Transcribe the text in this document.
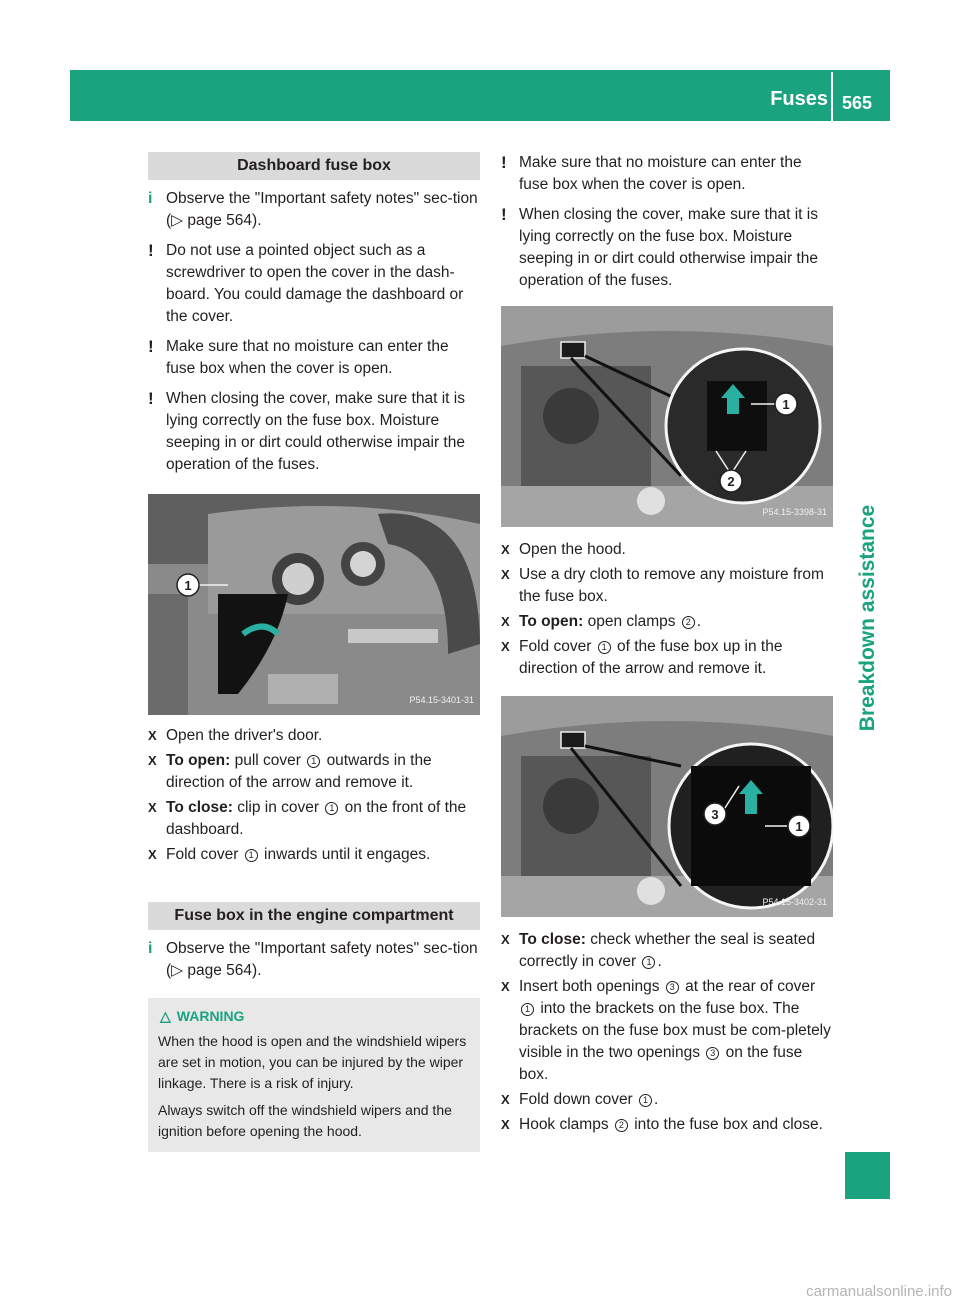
Fuses 565
Breakdown assistance
Dashboard fuse box
i Observe the "Important safety notes" sec-tion (▷ page 564).
! Do not use a pointed object such as a screwdriver to open the cover in the dash-board. You could damage the dashboard or the cover.
! Make sure that no moisture can enter the fuse box when the cover is open.
! When closing the cover, make sure that it is lying correctly on the fuse box. Moisture seeping in or dirt could otherwise impair the operation of the fuses.
1
P54.15-3401-31
X Open the driver's door.
X To open: pull cover 1 outwards in the direction of the arrow and remove it.
X To close: clip in cover 1 on the front of the dashboard.
X Fold cover 1 inwards until it engages.
Fuse box in the engine compartment
i Observe the "Important safety notes" sec-tion (▷ page 564).
△ WARNING
When the hood is open and the windshield wipers are set in motion, you can be injured by the wiper linkage. There is a risk of injury.
Always switch off the windshield wipers and the ignition before opening the hood.
! Make sure that no moisture can enter the fuse box when the cover is open.
! When closing the cover, make sure that it is lying correctly on the fuse box. Moisture seeping in or dirt could otherwise impair the operation of the fuses.
1
2
P54.15-3398-31
X Open the hood.
X Use a dry cloth to remove any moisture from the fuse box.
X To open: open clamps 2 .
X Fold cover 1 of the fuse box up in the direction of the arrow and remove it.
1
3
P54.15-3402-31
X To close: check whether the seal is seated correctly in cover 1 .
X Insert both openings 3 at the rear of cover 1 into the brackets on the fuse box. The brackets on the fuse box must be com-pletely visible in the two openings 3 on the fuse box.
X Fold down cover 1 .
X Hook clamps 2 into the fuse box and close.
carmanualsonline.info
